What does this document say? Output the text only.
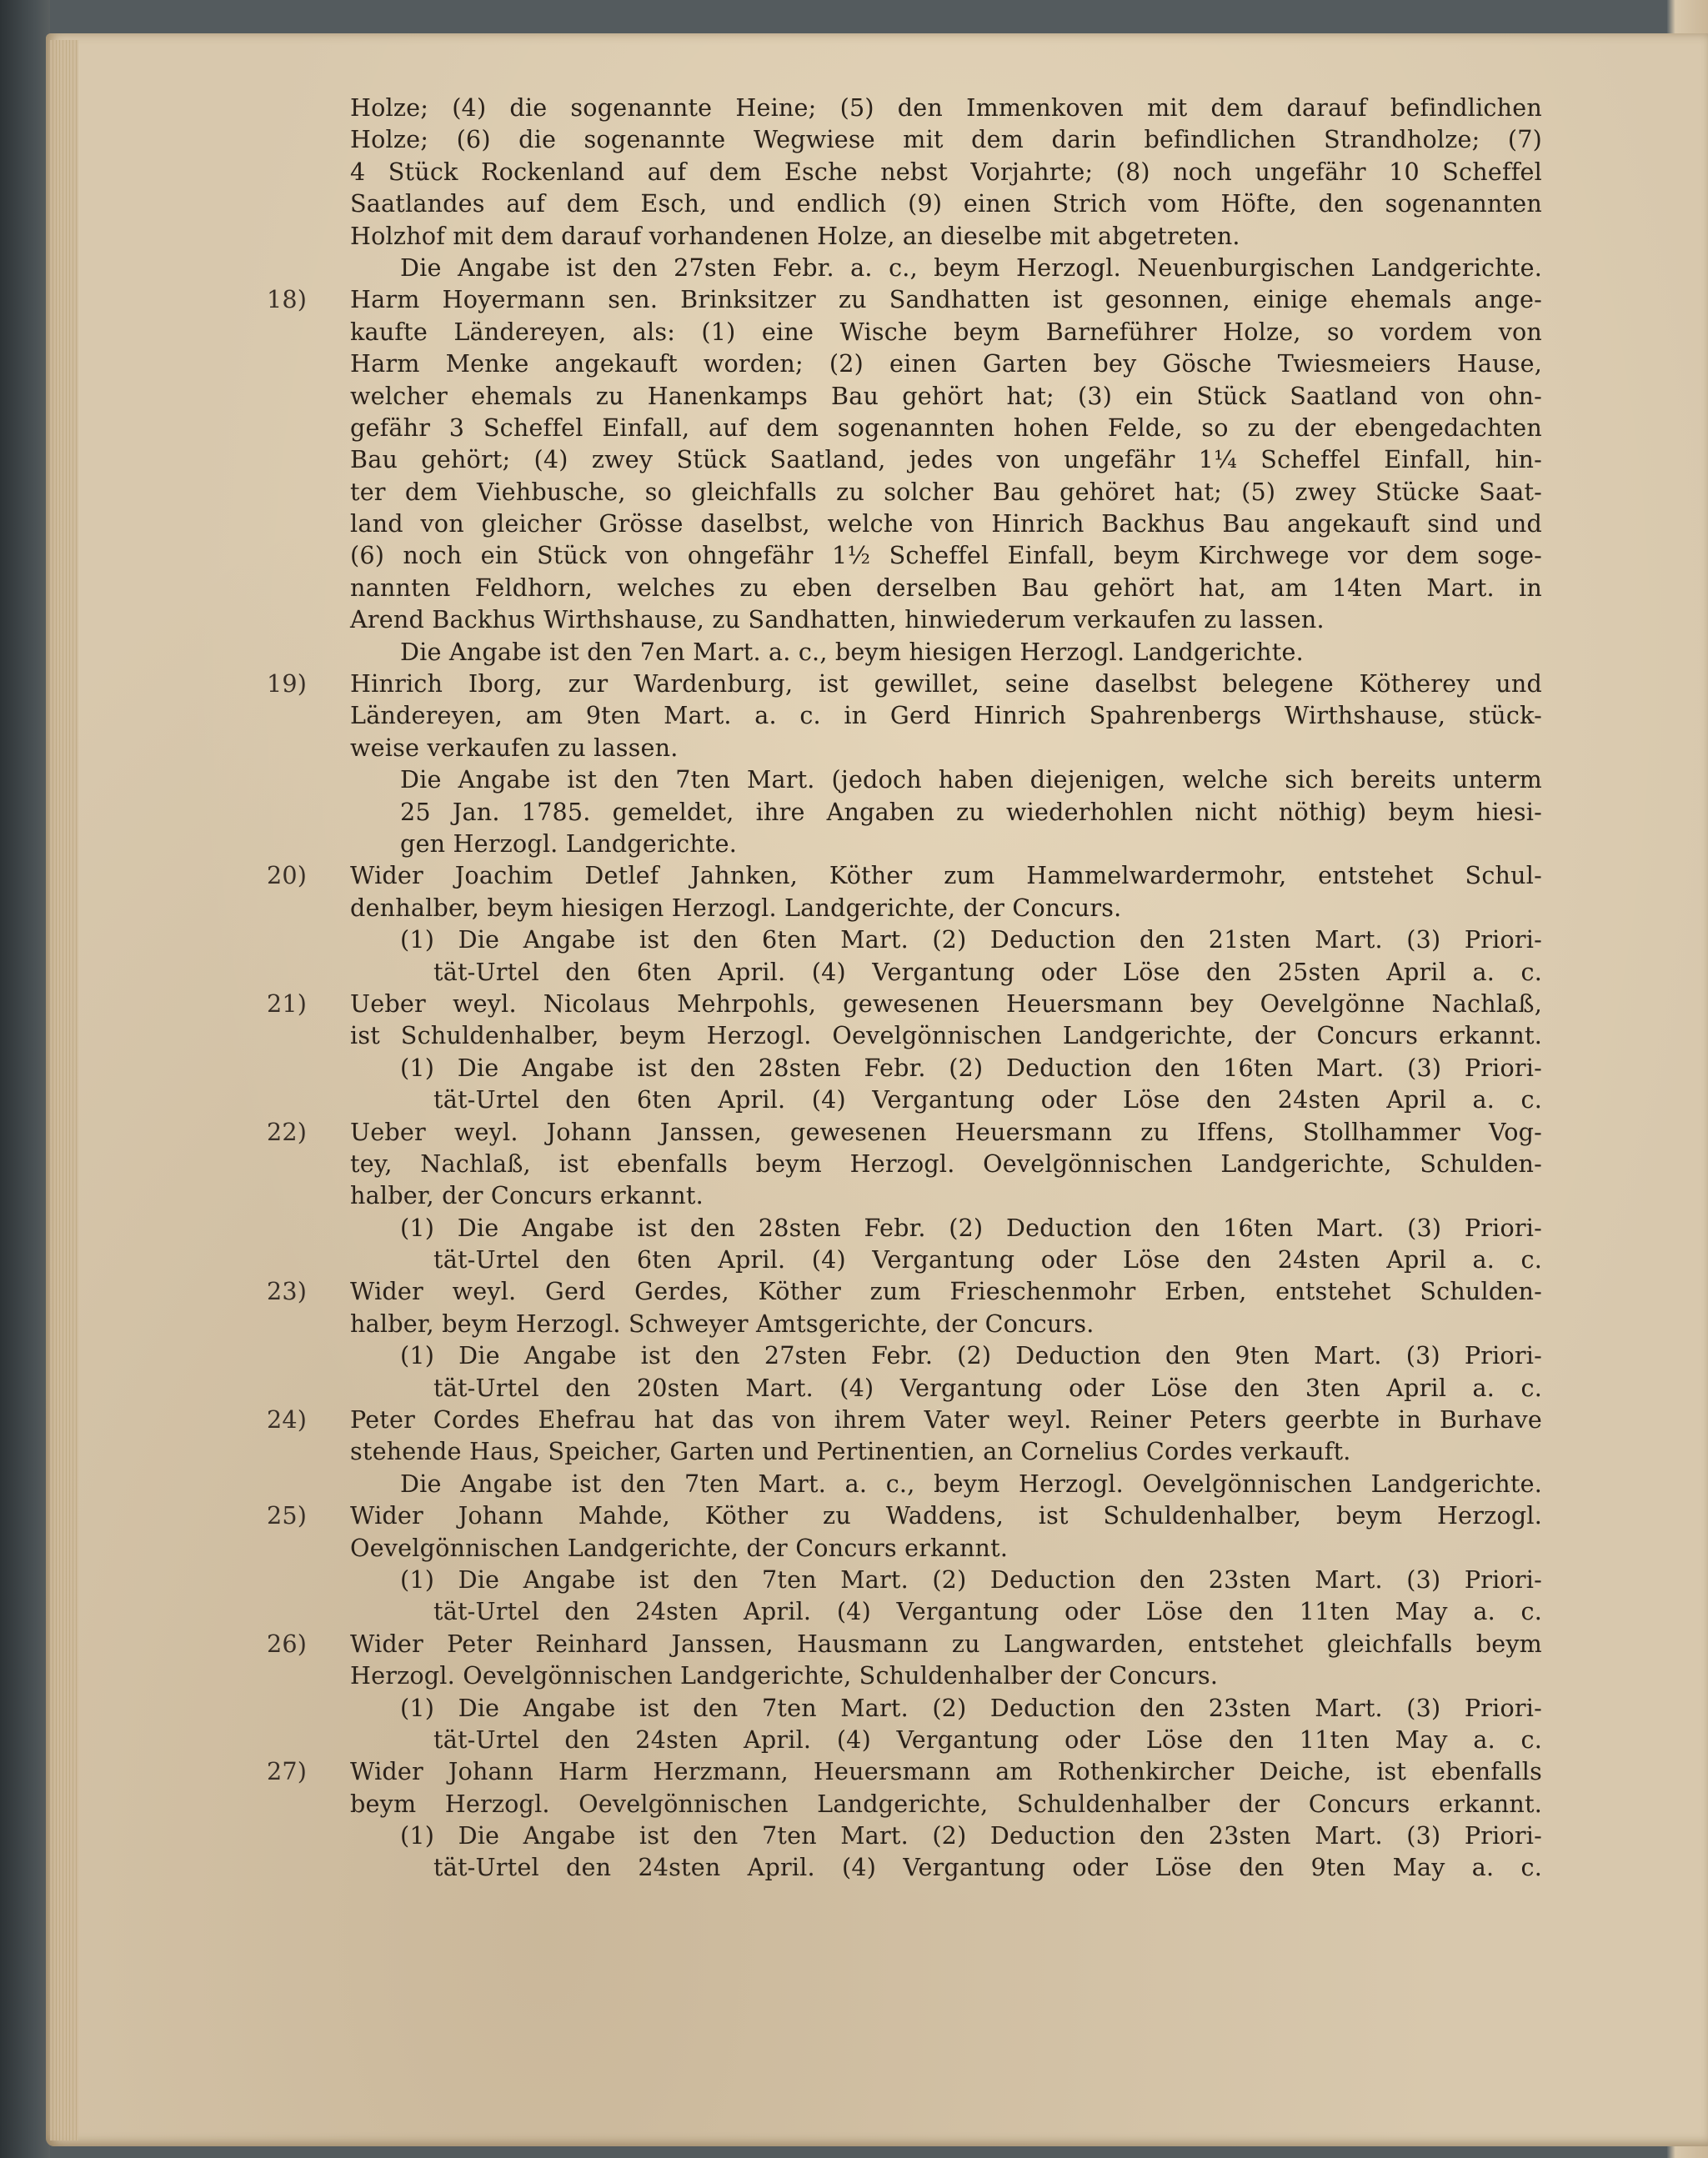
Holze; (4) die sogenannte Heine; (5) den Immenkoven mit dem darauf befindlichen
Holze; (6) die sogenannte Wegwiese mit dem darin befindlichen Strandholze; (7)
4 Stück Rockenland auf dem Esche nebst Vorjahrte; (8) noch ungefähr 10 Scheffel
Saatlandes auf dem Esch, und endlich (9) einen Strich vom Höfte, den sogenannten
Holzhof mit dem darauf vorhandenen Holze, an dieselbe mit abgetreten.
Die Angabe ist den 27sten Febr. a. c., beym Herzogl. Neuenburgischen Landgerichte.
18)	Harm Hoyermann sen. Brinksitzer zu Sandhatten ist gesonnen, einige ehemals ange-
kaufte Ländereyen, als: (1) eine Wische beym Barneführer Holze, so vordem von
Harm Menke angekauft worden; (2) einen Garten bey Gösche Twiesmeiers Hause,
welcher ehemals zu Hanenkamps Bau gehört hat; (3) ein Stück Saatland von ohn-
gefähr 3 Scheffel Einfall, auf dem sogenannten hohen Felde, so zu der ebengedachten
Bau gehört; (4) zwey Stück Saatland, jedes von ungefähr 1¼ Scheffel Einfall, hin-
ter dem Viehbusche, so gleichfalls zu solcher Bau gehöret hat; (5) zwey Stücke Saat-
land von gleicher Grösse daselbst, welche von Hinrich Backhus Bau angekauft sind und
(6) noch ein Stück von ohngefähr 1½ Scheffel Einfall, beym Kirchwege vor dem soge-
nannten Feldhorn, welches zu eben derselben Bau gehört hat, am 14ten Mart. in
Arend Backhus Wirthshause, zu Sandhatten, hinwiederum verkaufen zu lassen.
Die Angabe ist den 7en Mart. a. c., beym hiesigen Herzogl. Landgerichte.
19)	Hinrich Iborg, zur Wardenburg, ist gewillet, seine daselbst belegene Kötherey und
Ländereyen, am 9ten Mart. a. c. in Gerd Hinrich Spahrenbergs Wirthshause, stück-
weise verkaufen zu lassen.
Die Angabe ist den 7ten Mart. (jedoch haben diejenigen, welche sich bereits unterm
25 Jan. 1785. gemeldet, ihre Angaben zu wiederhohlen nicht nöthig) beym hiesi-
gen Herzogl. Landgerichte.
20)	Wider Joachim Detlef Jahnken, Köther zum Hammelwardermohr, entstehet Schul-
denhalber, beym hiesigen Herzogl. Landgerichte, der Concurs.
(1) Die Angabe ist den 6ten Mart. (2) Deduction den 21sten Mart. (3) Priori-
tät-Urtel den 6ten April. (4) Vergantung oder Löse den 25sten April a. c.
21)	Ueber weyl. Nicolaus Mehrpohls, gewesenen Heuersmann bey Oevelgönne Nachlaß,
ist Schuldenhalber, beym Herzogl. Oevelgönnischen Landgerichte, der Concurs erkannt.
(1) Die Angabe ist den 28sten Febr. (2) Deduction den 16ten Mart. (3) Priori-
tät-Urtel den 6ten April. (4) Vergantung oder Löse den 24sten April a. c.
22)	Ueber weyl. Johann Janssen, gewesenen Heuersmann zu Iffens, Stollhammer Vog-
tey, Nachlaß, ist ebenfalls beym Herzogl. Oevelgönnischen Landgerichte, Schulden-
halber, der Concurs erkannt.
(1) Die Angabe ist den 28sten Febr. (2) Deduction den 16ten Mart. (3) Priori-
tät-Urtel den 6ten April. (4) Vergantung oder Löse den 24sten April a. c.
23)	Wider weyl. Gerd Gerdes, Köther zum Frieschenmohr Erben, entstehet Schulden-
halber, beym Herzogl. Schweyer Amtsgerichte, der Concurs.
(1) Die Angabe ist den 27sten Febr. (2) Deduction den 9ten Mart. (3) Priori-
tät-Urtel den 20sten Mart. (4) Vergantung oder Löse den 3ten April a. c.
24)	Peter Cordes Ehefrau hat das von ihrem Vater weyl. Reiner Peters geerbte in Burhave
stehende Haus, Speicher, Garten und Pertinentien, an Cornelius Cordes verkauft.
Die Angabe ist den 7ten Mart. a. c., beym Herzogl. Oevelgönnischen Landgerichte.
25)	Wider Johann Mahde, Köther zu Waddens, ist Schuldenhalber, beym Herzogl.
Oevelgönnischen Landgerichte, der Concurs erkannt.
(1) Die Angabe ist den 7ten Mart. (2) Deduction den 23sten Mart. (3) Priori-
tät-Urtel den 24sten April. (4) Vergantung oder Löse den 11ten May a. c.
26)	Wider Peter Reinhard Janssen, Hausmann zu Langwarden, entstehet gleichfalls beym
Herzogl. Oevelgönnischen Landgerichte, Schuldenhalber der Concurs.
(1) Die Angabe ist den 7ten Mart. (2) Deduction den 23sten Mart. (3) Priori-
tät-Urtel den 24sten April. (4) Vergantung oder Löse den 11ten May a. c.
27)	Wider Johann Harm Herzmann, Heuersmann am Rothenkircher Deiche, ist ebenfalls
beym Herzogl. Oevelgönnischen Landgerichte, Schuldenhalber der Concurs erkannt.
(1) Die Angabe ist den 7ten Mart. (2) Deduction den 23sten Mart. (3) Priori-
tät-Urtel den 24sten April. (4) Vergantung oder Löse den 9ten May a. c.
